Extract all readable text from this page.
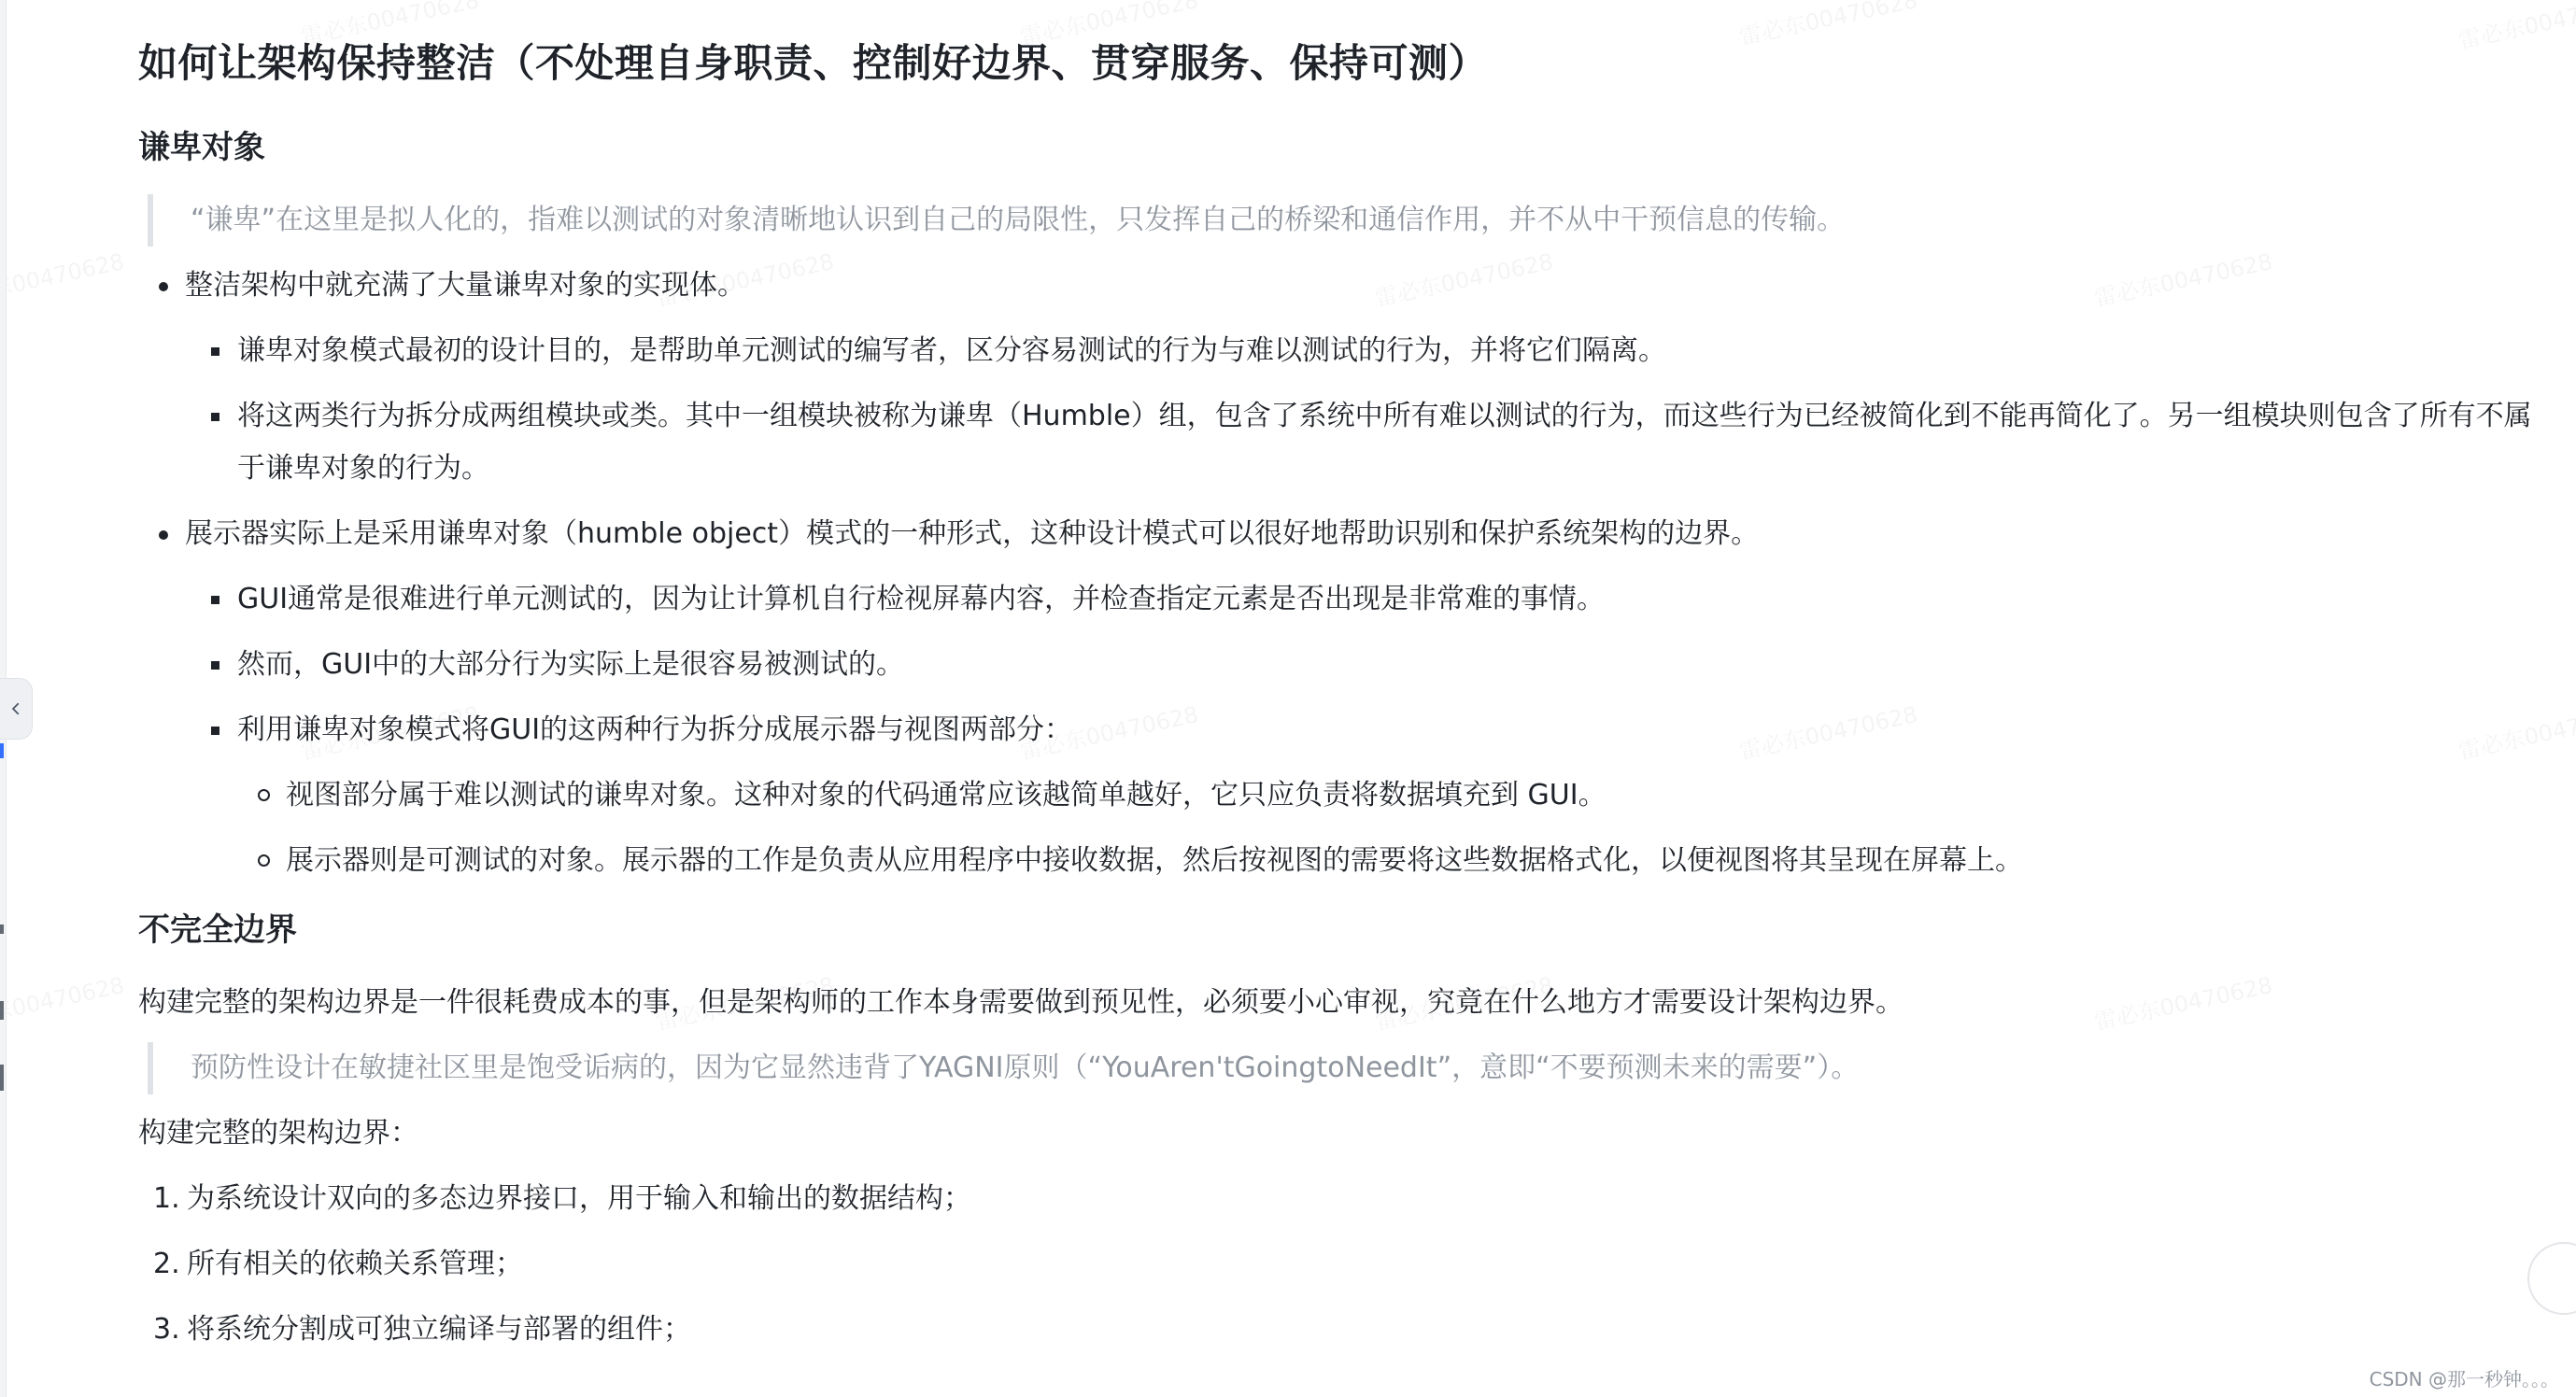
如何让架构保持整洁（不处理自身职责、控制好边界、贯穿服务、保持可测）
谦卑对象
“谦卑”在这里是拟人化的，指难以测试的对象清晰地认识到自己的局限性，只发挥自己的桥梁和通信作用，并不从中干预信息的传输。
整洁架构中就充满了大量谦卑对象的实现体。
谦卑对象模式最初的设计目的，是帮助单元测试的编写者，区分容易测试的行为与难以测试的行为，并将它们隔离。
将这两类行为拆分成两组模块或类。其中一组模块被称为谦卑（Humble）组，包含了系统中所有难以测试的行为，而这些行为已经被简化到不能再简化了。另一组模块则包含了所有不属于谦卑对象的行为。
展示器实际上是采用谦卑对象（humble object）模式的一种形式，这种设计模式可以很好地帮助识别和保护系统架构的边界。
GUI通常是很难进行单元测试的，因为让计算机自行检视屏幕内容，并检查指定元素是否出现是非常难的事情。
然而，GUI中的大部分行为实际上是很容易被测试的。
利用谦卑对象模式将GUI的这两种行为拆分成展示器与视图两部分：
视图部分属于难以测试的谦卑对象。这种对象的代码通常应该越简单越好，它只应负责将数据填充到 GUI。
展示器则是可测试的对象。展示器的工作是负责从应用程序中接收数据，然后按视图的需要将这些数据格式化，以便视图将其呈现在屏幕上。
不完全边界

构建完整的架构边界是一件很耗费成本的事，但是架构师的工作本身需要做到预见性，必须要小心审视，究竟在什么地方才需要设计架构边界。

预防性设计在敏捷社区里是饱受诟病的，因为它显然违背了YAGNI原则（“YouAren'tGoingtoNeedIt”，意即“不要预测未来的需要”）。

构建完整的架构边界：

1. 为系统设计双向的多态边界接口，用于输入和输出的数据结构；
2. 所有相关的依赖关系管理；
3. 将系统分割成可独立编译与部署的组件；
CSDN @那一秒钟。。。
